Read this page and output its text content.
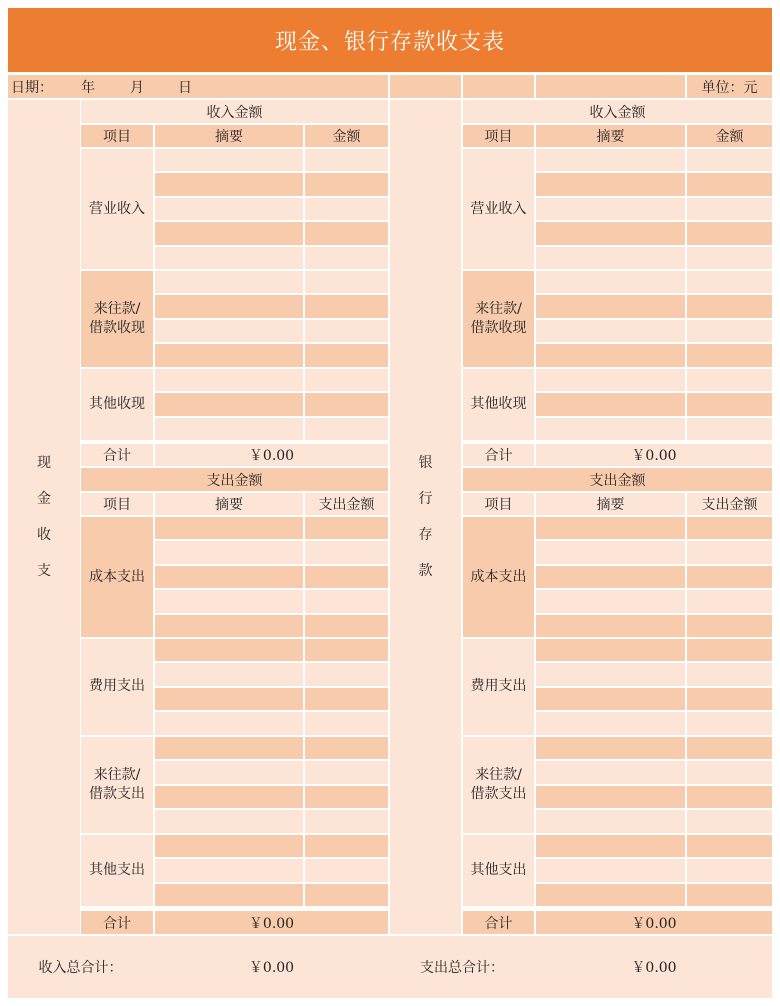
现金、银行存款收支表
日期： 年	月 日	单位：元
现
金
收
支
银
行
存
款
收入金额
项目	摘要	金额
营业收入
来往款/
借款收现
其他收现
合计	￥0.00
支出金额
项目	摘要	支出金额
成本支出
费用支出
来往款/
借款支出
其他支出
合计	￥0.00
收入金额
项目	摘要	金额
营业收入
来往款/
借款收现
其他收现
合计	￥0.00
支出金额
项目	摘要	支出金额
成本支出
费用支出
来往款/
借款支出
其他支出
合计	￥0.00
收入总合计：	￥0.00	支出总合计：	￥0.00
